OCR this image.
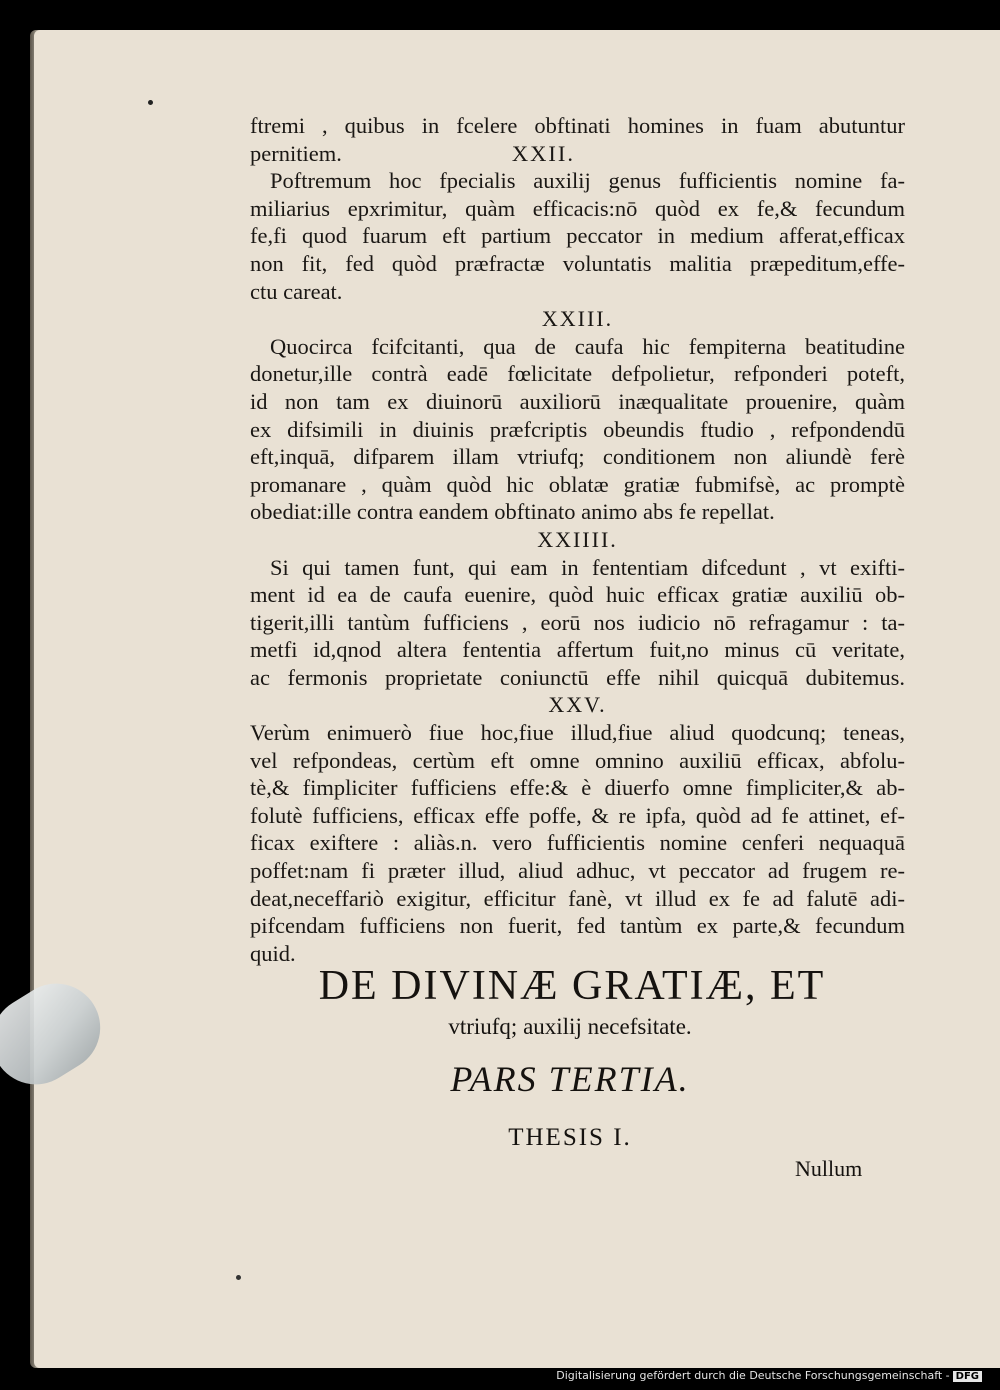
ftremi , quibus in fcelere obftinati homines in fuam abutuntur
pernitiem.	XXII.
Poftremum hoc fpecialis auxilij genus fufficientis nomine fa-
miliarius epxrimitur, quàm efficacis:nō quòd ex fe,& fecundum
fe,fi quod fuarum eft partium peccator in medium afferat,efficax
non fit, fed quòd præfractæ voluntatis malitia præpeditum,effe-
ctu careat.
XXIII.
Quocirca fcifcitanti, qua de caufa hic fempiterna beatitudine
donetur,ille contrà eadē fœlicitate defpolietur, refponderi poteft,
id non tam ex diuinorū auxiliorū inæqualitate prouenire, quàm
ex difsimili in diuinis præfcriptis obeundis ftudio , refpondendū
eft,inquā, difparem illam vtriufq; conditionem non aliundè ferè
promanare , quàm quòd hic oblatæ gratiæ fubmifsè, ac promptè
obediat:ille contra eandem obftinato animo abs fe repellat.
XXIIII.
Si qui tamen funt, qui eam in fententiam difcedunt , vt exifti-
ment id ea de caufa euenire, quòd huic efficax gratiæ auxiliū ob-
tigerit,illi tantùm fufficiens , eorū nos iudicio nō refragamur : ta-
metfi id,qnod altera fententia affertum fuit,no minus cū veritate,
ac fermonis proprietate coniunctū effe nihil quicquā dubitemus.
XXV.
Verùm enimuerò fiue hoc,fiue illud,fiue aliud quodcunq; teneas,
vel refpondeas, certùm eft omne omnino auxiliū efficax, abfolu-
tè,& fimpliciter fufficiens effe:& è diuerfo omne fimpliciter,& ab-
folutè fufficiens, efficax effe poffe, & re ipfa, quòd ad fe attinet, ef-
ficax exiftere : aliàs.n. vero fufficientis nomine cenferi nequaquā
poffet:nam fi præter illud, aliud adhuc, vt peccator ad frugem re-
deat,neceffariò exigitur, efficitur fanè, vt illud ex fe ad falutē adi-
pifcendam fufficiens non fuerit, fed tantùm ex parte,& fecundum
quid.
DE DIVINÆ GRATIÆ, ET
vtriufq; auxilij necefsitate.
PARS TERTIA.
THESIS I.
Nullum
Digitalisierung gefördert durch die Deutsche Forschungsgemeinschaft - DFG
